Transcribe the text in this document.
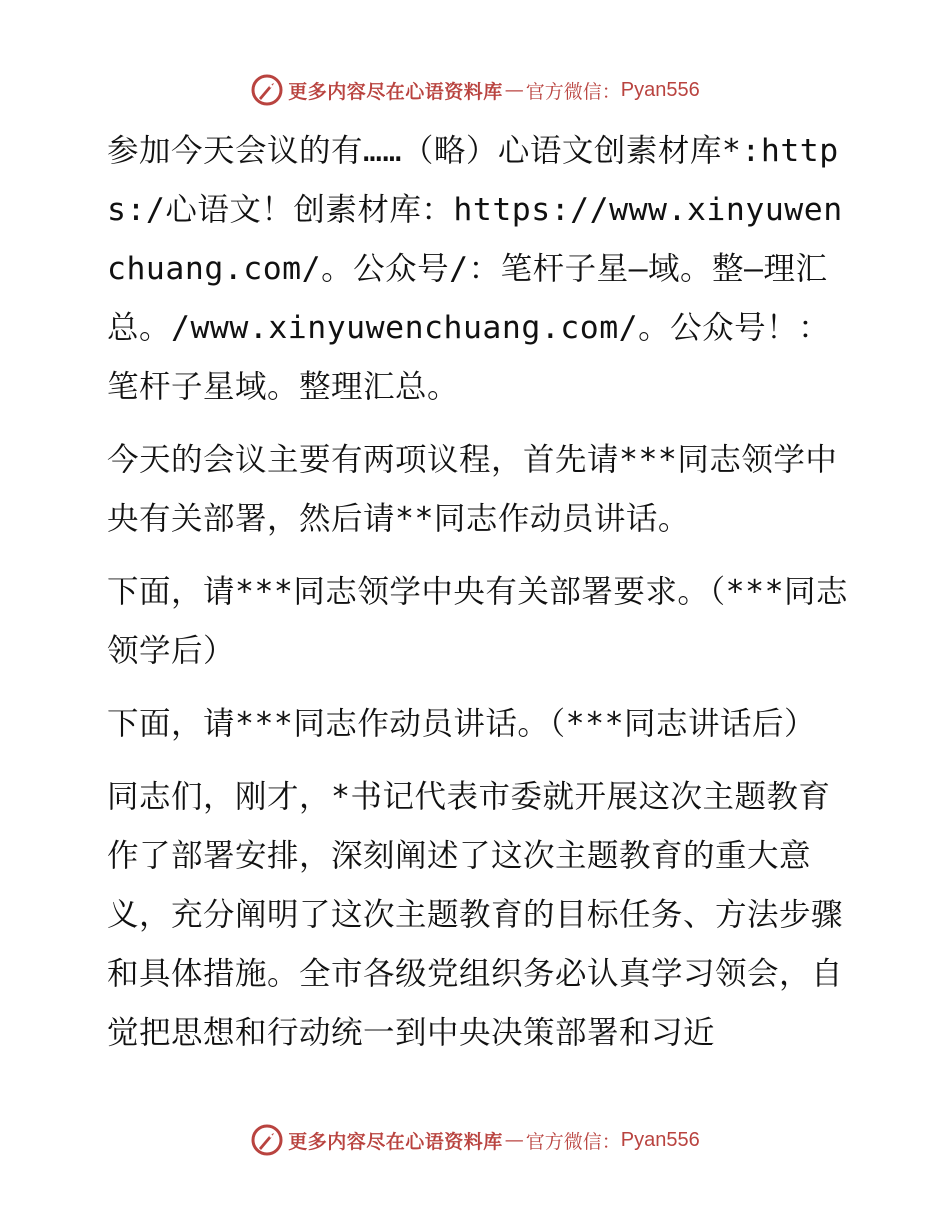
更多内容尽在心语资料库 — 官方微信： Pyan556

参加今天会议的有……（略）心语文创素材库*:https:/心语文！创素材库：https://www.xinyuwenchuang.com/。公众号/：笔杆子星—域。整—理汇总。/www.xinyuwenchuang.com/。公众号！：笔杆子星域。整理汇总。

今天的会议主要有两项议程，首先请***同志领学中央有关部署，然后请**同志作动员讲话。

下面，请***同志领学中央有关部署要求。（***同志领学后）

下面，请***同志作动员讲话。（***同志讲话后）

同志们，刚才，*书记代表市委就开展这次主题教育作了部署安排，深刻阐述了这次主题教育的重大意义，充分阐明了这次主题教育的目标任务、方法步骤和具体措施。全市各级党组织务必认真学习领会，自觉把思想和行动统一到中央决策部署和习近

更多内容尽在心语资料库 — 官方微信： Pyan556
